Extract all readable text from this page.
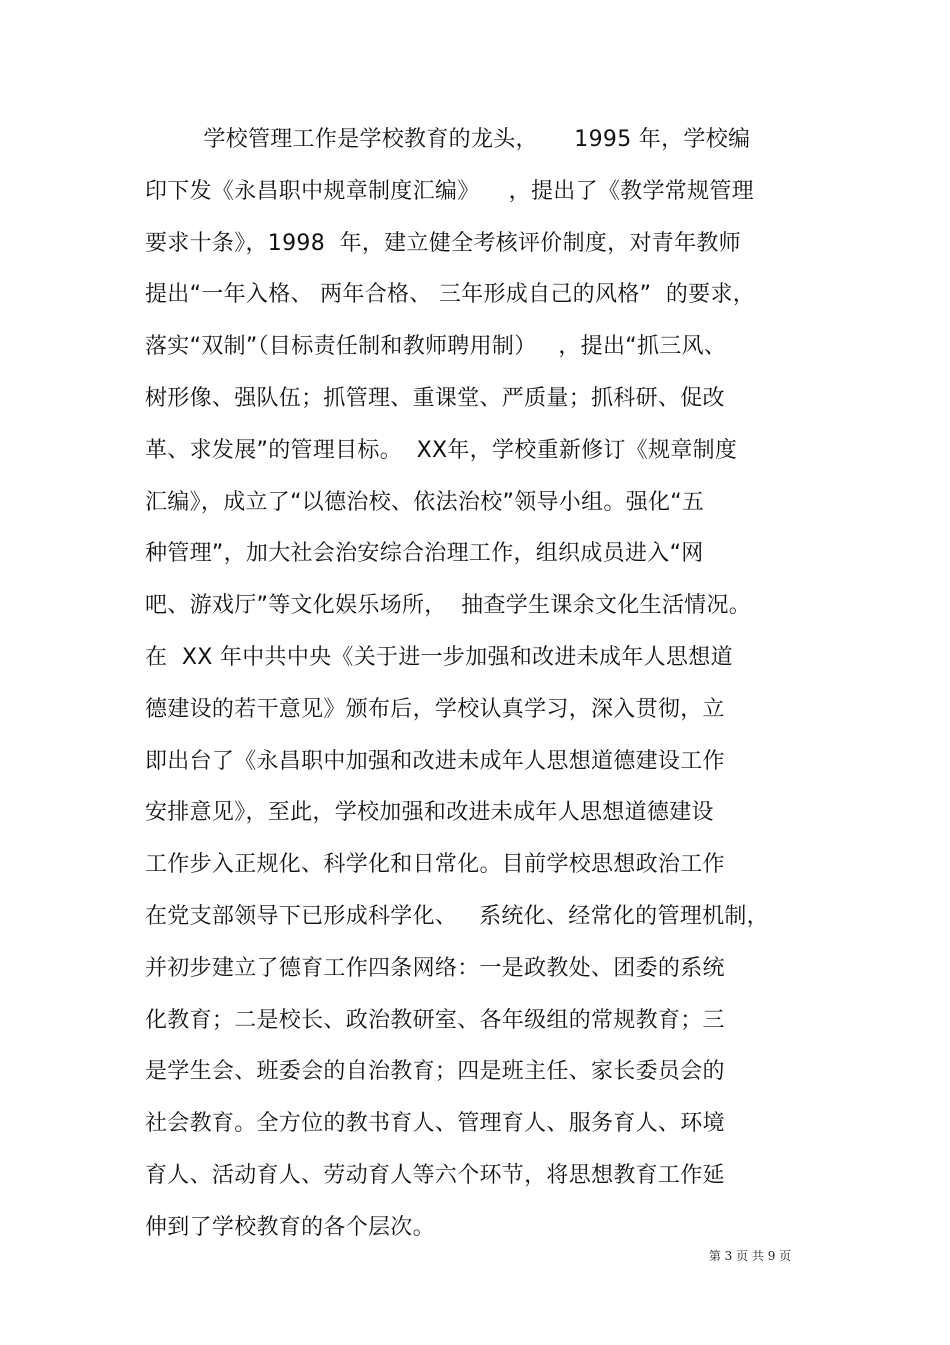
学校管理工作是学校教育的龙头，     1995 年，学校编
印下发《永昌职中规章制度汇编》    ，提出了《教学常规管理
要求十条》，1998  年，建立健全考核评价制度，对青年教师
提出“一年入格、 两年合格、 三年形成自己的风格”  的要求，
落实“双制”（目标责任制和教师聘用制）   ，提出“抓三风、
树形像、强队伍；抓管理、重课堂、严质量；抓科研、促改
革、求发展”的管理目标。  XX年，学校重新修订《规章制度
汇编》，成立了“以德治校、依法治校”领导小组。强化“五
种管理”，加大社会治安综合治理工作，组织成员进入“网
吧、游戏厅”等文化娱乐场所，  抽查学生课余文化生活情况。
在  XX 年中共中央《关于进一步加强和改进未成年人思想道
德建设的若干意见》颁布后，学校认真学习，深入贯彻，立
即出台了《永昌职中加强和改进未成年人思想道德建设工作
安排意见》，至此，学校加强和改进未成年人思想道德建设
工作步入正规化、科学化和日常化。目前学校思想政治工作
在党支部领导下已形成科学化、   系统化、经常化的管理机制，
并初步建立了德育工作四条网络：一是政教处、团委的系统
化教育；二是校长、政治教研室、各年级组的常规教育；三
是学生会、班委会的自治教育；四是班主任、家长委员会的
社会教育。全方位的教书育人、管理育人、服务育人、环境
育人、活动育人、劳动育人等六个环节，将思想教育工作延
伸到了学校教育的各个层次。
第 3 页 共 9 页
